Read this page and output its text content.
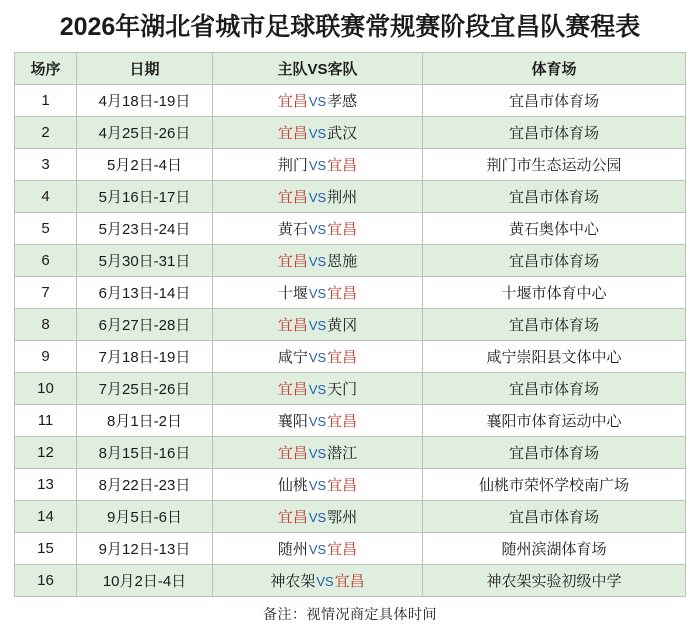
2026年湖北省城市足球联赛常规赛阶段宜昌队赛程表
场序	日期	主队VS客队	体育场
1	4月18日-19日	宜昌VS孝感	宜昌市体育场
2	4月25日-26日	宜昌VS武汉	宜昌市体育场
3	5月2日-4日	荆门VS宜昌	荆门市生态运动公园
4	5月16日-17日	宜昌VS荆州	宜昌市体育场
5	5月23日-24日	黄石VS宜昌	黄石奥体中心
6	5月30日-31日	宜昌VS恩施	宜昌市体育场
7	6月13日-14日	十堰VS宜昌	十堰市体育中心
8	6月27日-28日	宜昌VS黄冈	宜昌市体育场
9	7月18日-19日	咸宁VS宜昌	咸宁崇阳县文体中心
10	7月25日-26日	宜昌VS天门	宜昌市体育场
11	8月1日-2日	襄阳VS宜昌	襄阳市体育运动中心
12	8月15日-16日	宜昌VS潜江	宜昌市体育场
13	8月22日-23日	仙桃VS宜昌	仙桃市荣怀学校南广场
14	9月5日-6日	宜昌VS鄂州	宜昌市体育场
15	9月12日-13日	随州VS宜昌	随州滨湖体育场
16	10月2日-4日	神农架VS宜昌	神农架实验初级中学
备注：视情况商定具体时间
